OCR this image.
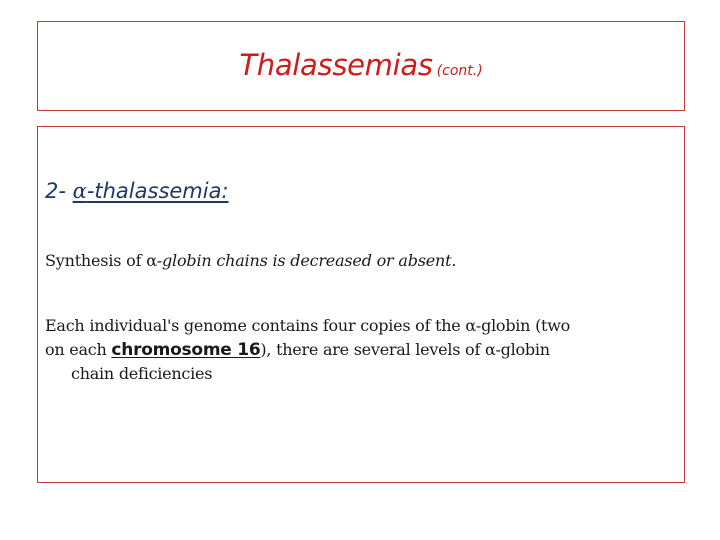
Thalassemias (cont.)
2- α-thalassemia:
Synthesis of α-globin chains is decreased or absent.
Each individual's genome contains four copies of the α-globin (two
on each chromosome 16), there are several levels of α-globin
chain deficiencies
